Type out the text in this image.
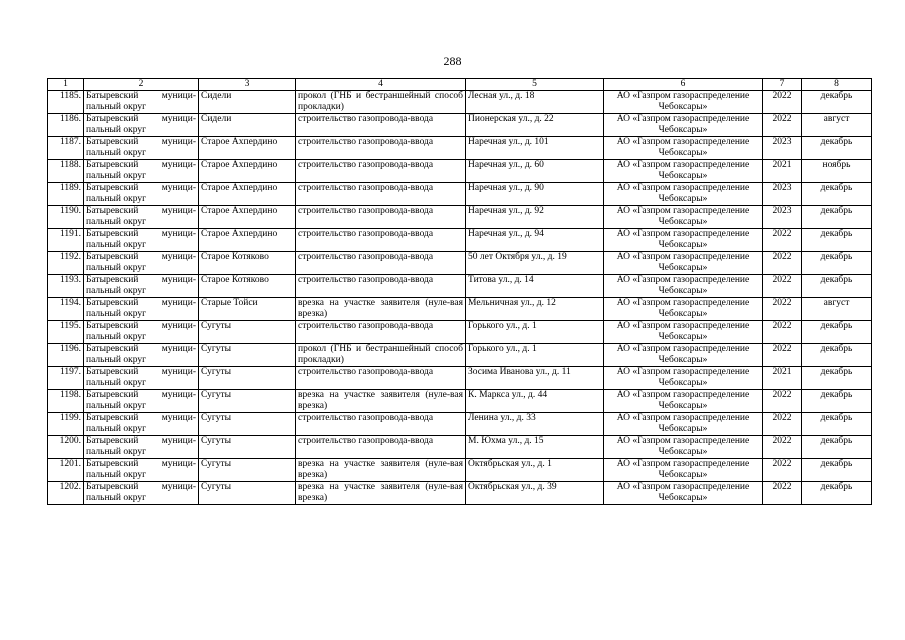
288
1	2	3	4	5	6	7	8
1185.	Батыревский муници-пальный округ	Сидели	прокол (ГНБ и бестраншейный способ прокладки)	Лесная ул., д. 18	АО «Газпром газораспределение Чебоксары»	2022	декабрь
1186.	Батыревский муници-пальный округ	Сидели	строительство газопровода-ввода	Пионерская ул., д. 22	АО «Газпром газораспределение Чебоксары»	2022	август
1187.	Батыревский муници-пальный округ	Старое Ахпердино	строительство газопровода-ввода	Наречная ул., д. 101	АО «Газпром газораспределение Чебоксары»	2023	декабрь
1188.	Батыревский муници-пальный округ	Старое Ахпердино	строительство газопровода-ввода	Наречная ул., д. 60	АО «Газпром газораспределение Чебоксары»	2021	ноябрь
1189.	Батыревский муници-пальный округ	Старое Ахпердино	строительство газопровода-ввода	Наречная ул., д. 90	АО «Газпром газораспределение Чебоксары»	2023	декабрь
1190.	Батыревский муници-пальный округ	Старое Ахпердино	строительство газопровода-ввода	Наречная ул., д. 92	АО «Газпром газораспределение Чебоксары»	2023	декабрь
1191.	Батыревский муници-пальный округ	Старое Ахпердино	строительство газопровода-ввода	Наречная ул., д. 94	АО «Газпром газораспределение Чебоксары»	2022	декабрь
1192.	Батыревский муници-пальный округ	Старое Котяково	строительство газопровода-ввода	50 лет Октября ул., д. 19	АО «Газпром газораспределение Чебоксары»	2022	декабрь
1193.	Батыревский муници-пальный округ	Старое Котяково	строительство газопровода-ввода	Титова ул., д. 14	АО «Газпром газораспределение Чебоксары»	2022	декабрь
1194.	Батыревский муници-пальный округ	Старые Тойси	врезка на участке заявителя (нуле-вая врезка)	Мельничная ул., д. 12	АО «Газпром газораспределение Чебоксары»	2022	август
1195.	Батыревский муници-пальный округ	Сугуты	строительство газопровода-ввода	Горького ул., д. 1	АО «Газпром газораспределение Чебоксары»	2022	декабрь
1196.	Батыревский муници-пальный округ	Сугуты	прокол (ГНБ и бестраншейный способ прокладки)	Горького ул., д. 1	АО «Газпром газораспределение Чебоксары»	2022	декабрь
1197.	Батыревский муници-пальный округ	Сугуты	строительство газопровода-ввода	Зосима Иванова ул., д. 11	АО «Газпром газораспределение Чебоксары»	2021	декабрь
1198.	Батыревский муници-пальный округ	Сугуты	врезка на участке заявителя (нуле-вая врезка)	К. Маркса ул., д. 44	АО «Газпром газораспределение Чебоксары»	2022	декабрь
1199.	Батыревский муници-пальный округ	Сугуты	строительство газопровода-ввода	Ленина ул., д. 33	АО «Газпром газораспределение Чебоксары»	2022	декабрь
1200.	Батыревский муници-пальный округ	Сугуты	строительство газопровода-ввода	М. Юхма ул., д. 15	АО «Газпром газораспределение Чебоксары»	2022	декабрь
1201.	Батыревский муници-пальный округ	Сугуты	врезка на участке заявителя (нуле-вая врезка)	Октябрьская ул., д. 1	АО «Газпром газораспределение Чебоксары»	2022	декабрь
1202.	Батыревский муници-пальный округ	Сугуты	врезка на участке заявителя (нуле-вая врезка)	Октябрьская ул., д. 39	АО «Газпром газораспределение Чебоксары»	2022	декабрь
